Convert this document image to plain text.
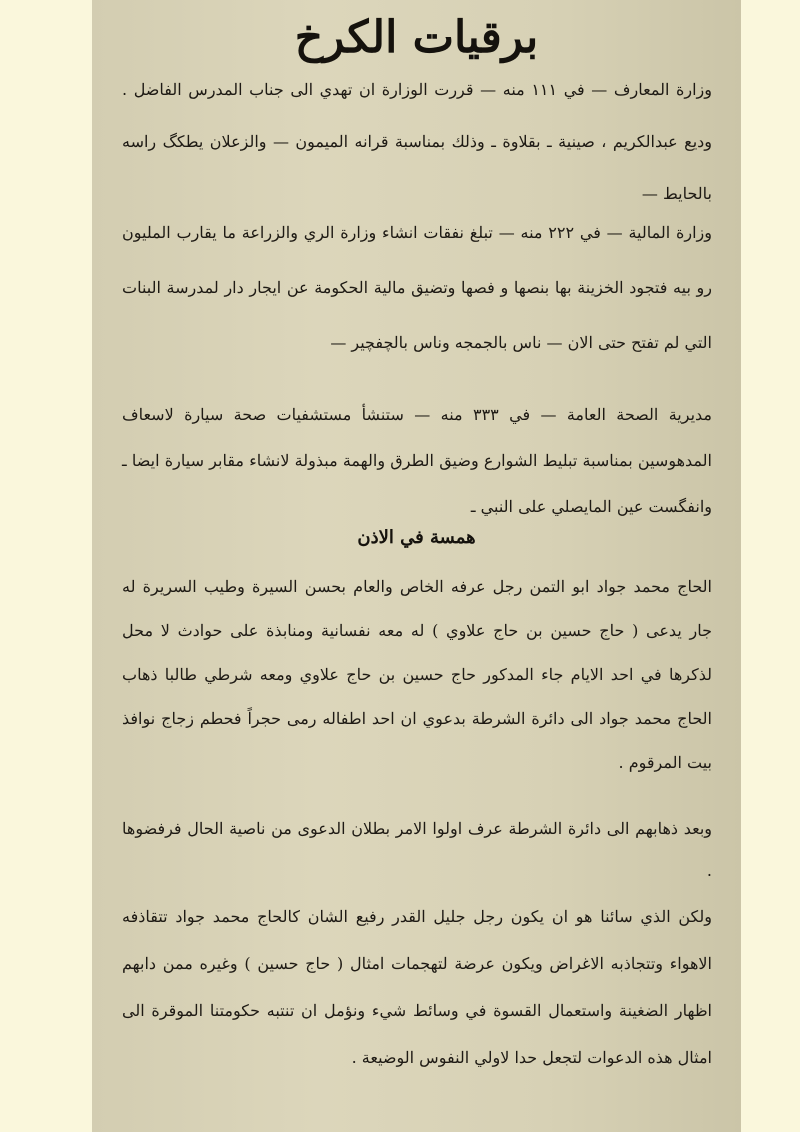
برقيات الكرخ
وزارة المعارف — في ١١١ منه — قررت الوزارة ان تهدي الى جناب المدرس الفاضل . وديع عبدالكريم ، صينية ـ بقلاوة ـ وذلك بمناسبة قرانه الميمون — والزعلان يطكگ راسه بالحايط —
وزارة المالية — في ٢٢٢ منه — تبلغ نفقات انشاء وزارة الري والزراعة ما يقارب المليون رو بيه فتجود الخزينة بها بنصها و فصها وتضيق مالية الحكومة عن ايجار دار لمدرسة البنات التي لم تفتح حتى الان — ناس بالجمجه وناس بالچفچير —
مديرية الصحة العامة — في ٣٣٣ منه — ستنشأ مستشفيات صحة سيارة لاسعاف المدهوسين بمناسبة تبليط الشوارع وضيق الطرق والهمة مبذولة لانشاء مقابر سيارة ايضا ـ وانفگست عين المايصلي على النبي ـ
همسة في الاذن
الحاج محمد جواد ابو التمن رجل عرفه الخاص والعام بحسن السيرة وطيب السريرة له جار يدعى ( حاج حسين بن حاج علاوي ) له معه نفسانية ومنابذة على حوادث لا محل لذكرها في احد الايام جاء المدكور حاج حسين بن حاج علاوي ومعه شرطي طالبا ذهاب الحاج محمد جواد الى دائرة الشرطة بدعوي ان احد اطفاله رمى حجراً فحطم زجاج نوافذ بيت المرقوم .
وبعد ذهابهم الى دائرة الشرطة عرف اولوا الامر بطلان الدعوى من ناصية الحال فرفضوها .
ولكن الذي سائنا هو ان يكون رجل جليل القدر رفيع الشان كالحاج محمد جواد تتقاذفه الاهواء وتتجاذبه الاغراض ويكون عرضة لتهجمات امثال ( حاج حسين ) وغيره ممن دابهم اظهار الضغينة واستعمال القسوة في وسائط شيء ونؤمل ان تنتبه حكومتنا الموقرة الى امثال هذه الدعوات لتجعل حدا لاولي النفوس الوضيعة .
